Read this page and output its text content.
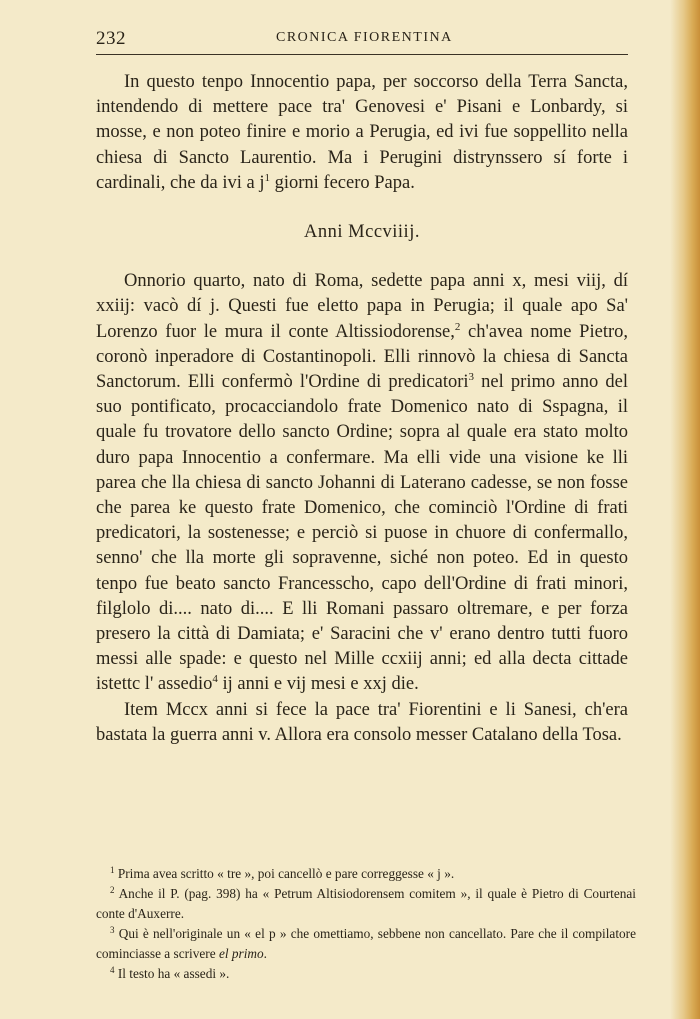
232	CRONICA FIORENTINA

In questo tenpo Innocentio papa, per soccorso della Terra Sancta, intendendo di mettere pace tra' Genovesi e' Pisani e Lonbardy, si mosse, e non poteo finire e morio a Perugia, ed ivi fue soppellito nella chiesa di Sancto Laurentio. Ma i Perugini distrynssero sí forte i cardinali, che da ivi a $j^1$ giorni fecero Papa.

Anni Mccviiij.

Onnorio quarto, nato di Roma, sedette papa anni x, mesi viij, dí xxiij: vacò dí j. Questi fue eletto papa in Perugia; il quale apo Sa' Lorenzo fuor le mura il conte Altissiodorense,$^2$ ch'avea nome Pietro, coronò inperadore di Costantinopoli. Elli rinnovò la chiesa di Sancta Sanctorum. Elli confermò l'Ordine di predicatori$^3$ nel primo anno del suo pontificato, procacciandolo frate Domenico nato di Sspagna, il quale fu trovatore dello sancto Ordine; sopra al quale era stato molto duro papa Innocentio a confermare. Ma elli vide una visione ke lli parea che lla chiesa di sancto Johanni di Laterano cadesse, se non fosse che parea ke questo frate Domenico, che cominciò l'Ordine di frati predicatori, la sostenesse; e perciò si puose in chuore di confermallo, senno' che lla morte gli sopravenne, siché non poteo. Ed in questo tenpo fue beato sancto Francesscho, capo dell'Ordine di frati minori, filglolo di.... nato di.... E lli Romani passaro oltremare, e per forza presero la città di Damiata; e' Saracini che v' erano dentro tutti fuoro messi alle spade: e questo nel Mille ccxiij anni; ed alla decta cittade istettc l' assedio$^4$ ij anni e vij mesi e xxj die.

Item Mccx anni si fece la pace tra' Fiorentini e li Sanesi, ch'era bastata la guerra anni v. Allora era consolo messer Catalano della Tosa.

$^1$ Prima avea scritto « tre », poi cancellò e pare correggesse « j ».

$^2$ Anche il P. (pag. 398) ha « Petrum Altisiodorensem comitem », il quale è Pietro di Courtenai conte d'Auxerre.

$^3$ Qui è nell'originale un « el p » che omettiamo, sebbene non cancellato. Pare che il compilatore cominciasse a scrivere el primo.

$^4$ Il testo ha « assedi ».
